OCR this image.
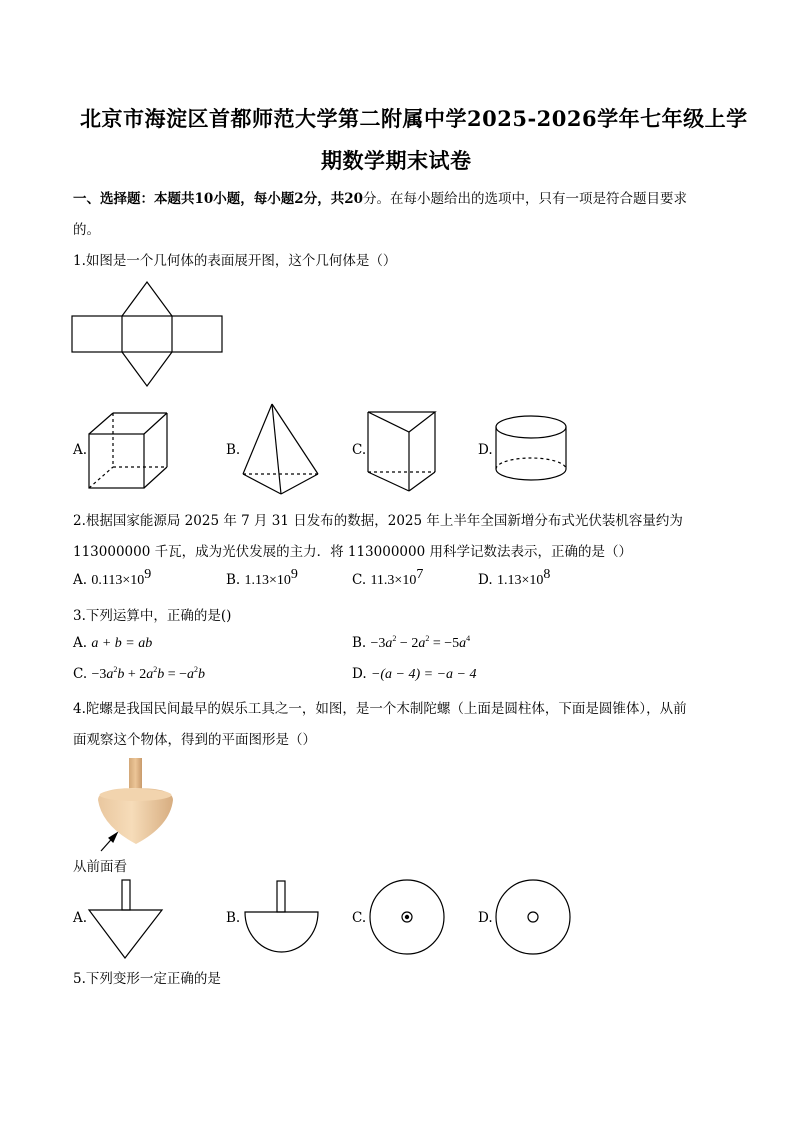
北京市海淀区首都师范大学第二附属中学2025-2026学年七年级上学
期数学期末试卷
一、选择题：本题共10小题，每小题2分，共20分。在每小题给出的选项中，只有一项是符合题目要求
的。
1.如图是一个几何体的表面展开图，这个几何体是（）
A.	B.	C.	D.
2.根据国家能源局 2025 年 7 月 31 日发布的数据，2025 年上半年全国新增分布式光伏装机容量约为
113000000 千瓦，成为光伏发展的主力．将 113000000 用科学记数法表示，正确的是（）
A. $0.113\times 10^9$	B. $1.13\times 10^9$	C. $11.3\times 10^7$	D. $1.13\times 10^8$
3.下列运算中，正确的是()
A. a + b = ab	B. $-3a^2 - 2a^2 = -5a^4$
C. $-3a^2b + 2a^2b = -a^2b$	D. −(a − 4) = −a − 4
4.陀螺是我国民间最早的娱乐工具之一，如图，是一个木制陀螺（上面是圆柱体，下面是圆锥体），从前
面观察这个物体，得到的平面图形是（）
从前面看
A.	B.	C.	D.
5.下列变形一定正确的是
